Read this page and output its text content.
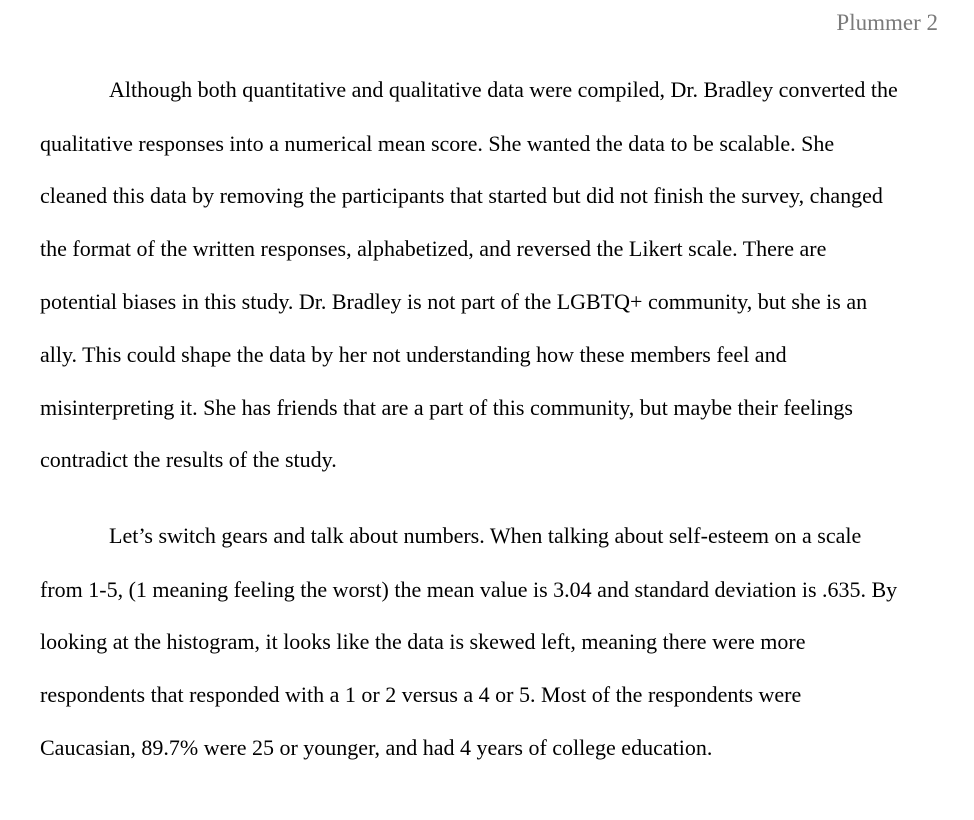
Plummer 2
Although both quantitative and qualitative data were compiled, Dr. Bradley converted the
qualitative responses into a numerical mean score. She wanted the data to be scalable. She
cleaned this data by removing the participants that started but did not finish the survey, changed
the format of the written responses, alphabetized, and reversed the Likert scale. There are
potential biases in this study. Dr. Bradley is not part of the LGBTQ+ community, but she is an
ally. This could shape the data by her not understanding how these members feel and
misinterpreting it. She has friends that are a part of this community, but maybe their feelings
contradict the results of the study.
Let’s switch gears and talk about numbers. When talking about self-esteem on a scale
from 1-5, (1 meaning feeling the worst) the mean value is 3.04 and standard deviation is .635. By
looking at the histogram, it looks like the data is skewed left, meaning there were more
respondents that responded with a 1 or 2 versus a 4 or 5. Most of the respondents were
Caucasian, 89.7% were 25 or younger, and had 4 years of college education.
